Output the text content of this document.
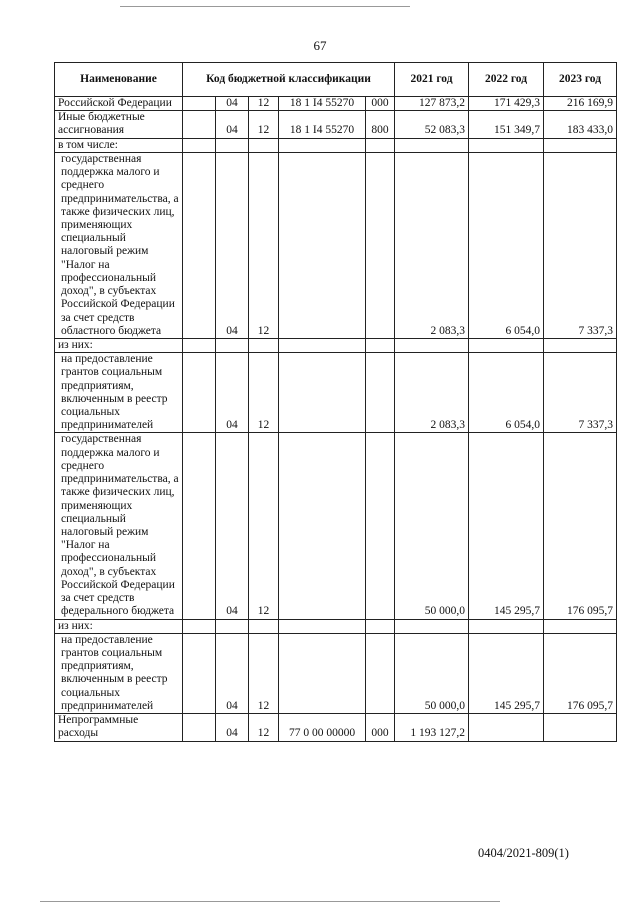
67
Наименование	Код бюджетной классификации					2021 год	2022 год	2023 год
Российской Федерации		04	12	18 1 I4 55270	000	127 873,2	171 429,3	216 169,9
Иные бюджетные ассигнования		04	12	18 1 I4 55270	800	52 083,3	151 349,7	183 433,0
в том числе:								
государственная поддержка малого и среднего предпринимательства, а также физических лиц, применяющих специальный налоговый режим "Налог на профессиональный доход", в субъектах Российской Федерации за счет средств областного бюджета		04	12			2 083,3	6 054,0	7 337,3
из них:								
на предоставление грантов социальным предприятиям, включенным в реестр социальных предпринимателей		04	12			2 083,3	6 054,0	7 337,3
государственная поддержка малого и среднего предпринимательства, а также физических лиц, применяющих специальный налоговый режим "Налог на профессиональный доход", в субъектах Российской Федерации за счет средств федерального бюджета		04	12			50 000,0	145 295,7	176 095,7
из них:								
на предоставление грантов социальным предприятиям, включенным в реестр социальных предпринимателей		04	12			50 000,0	145 295,7	176 095,7
Непрограммные расходы		04	12	77 0 00 00000	000	1 193 127,2		
0404/2021-809(1)
